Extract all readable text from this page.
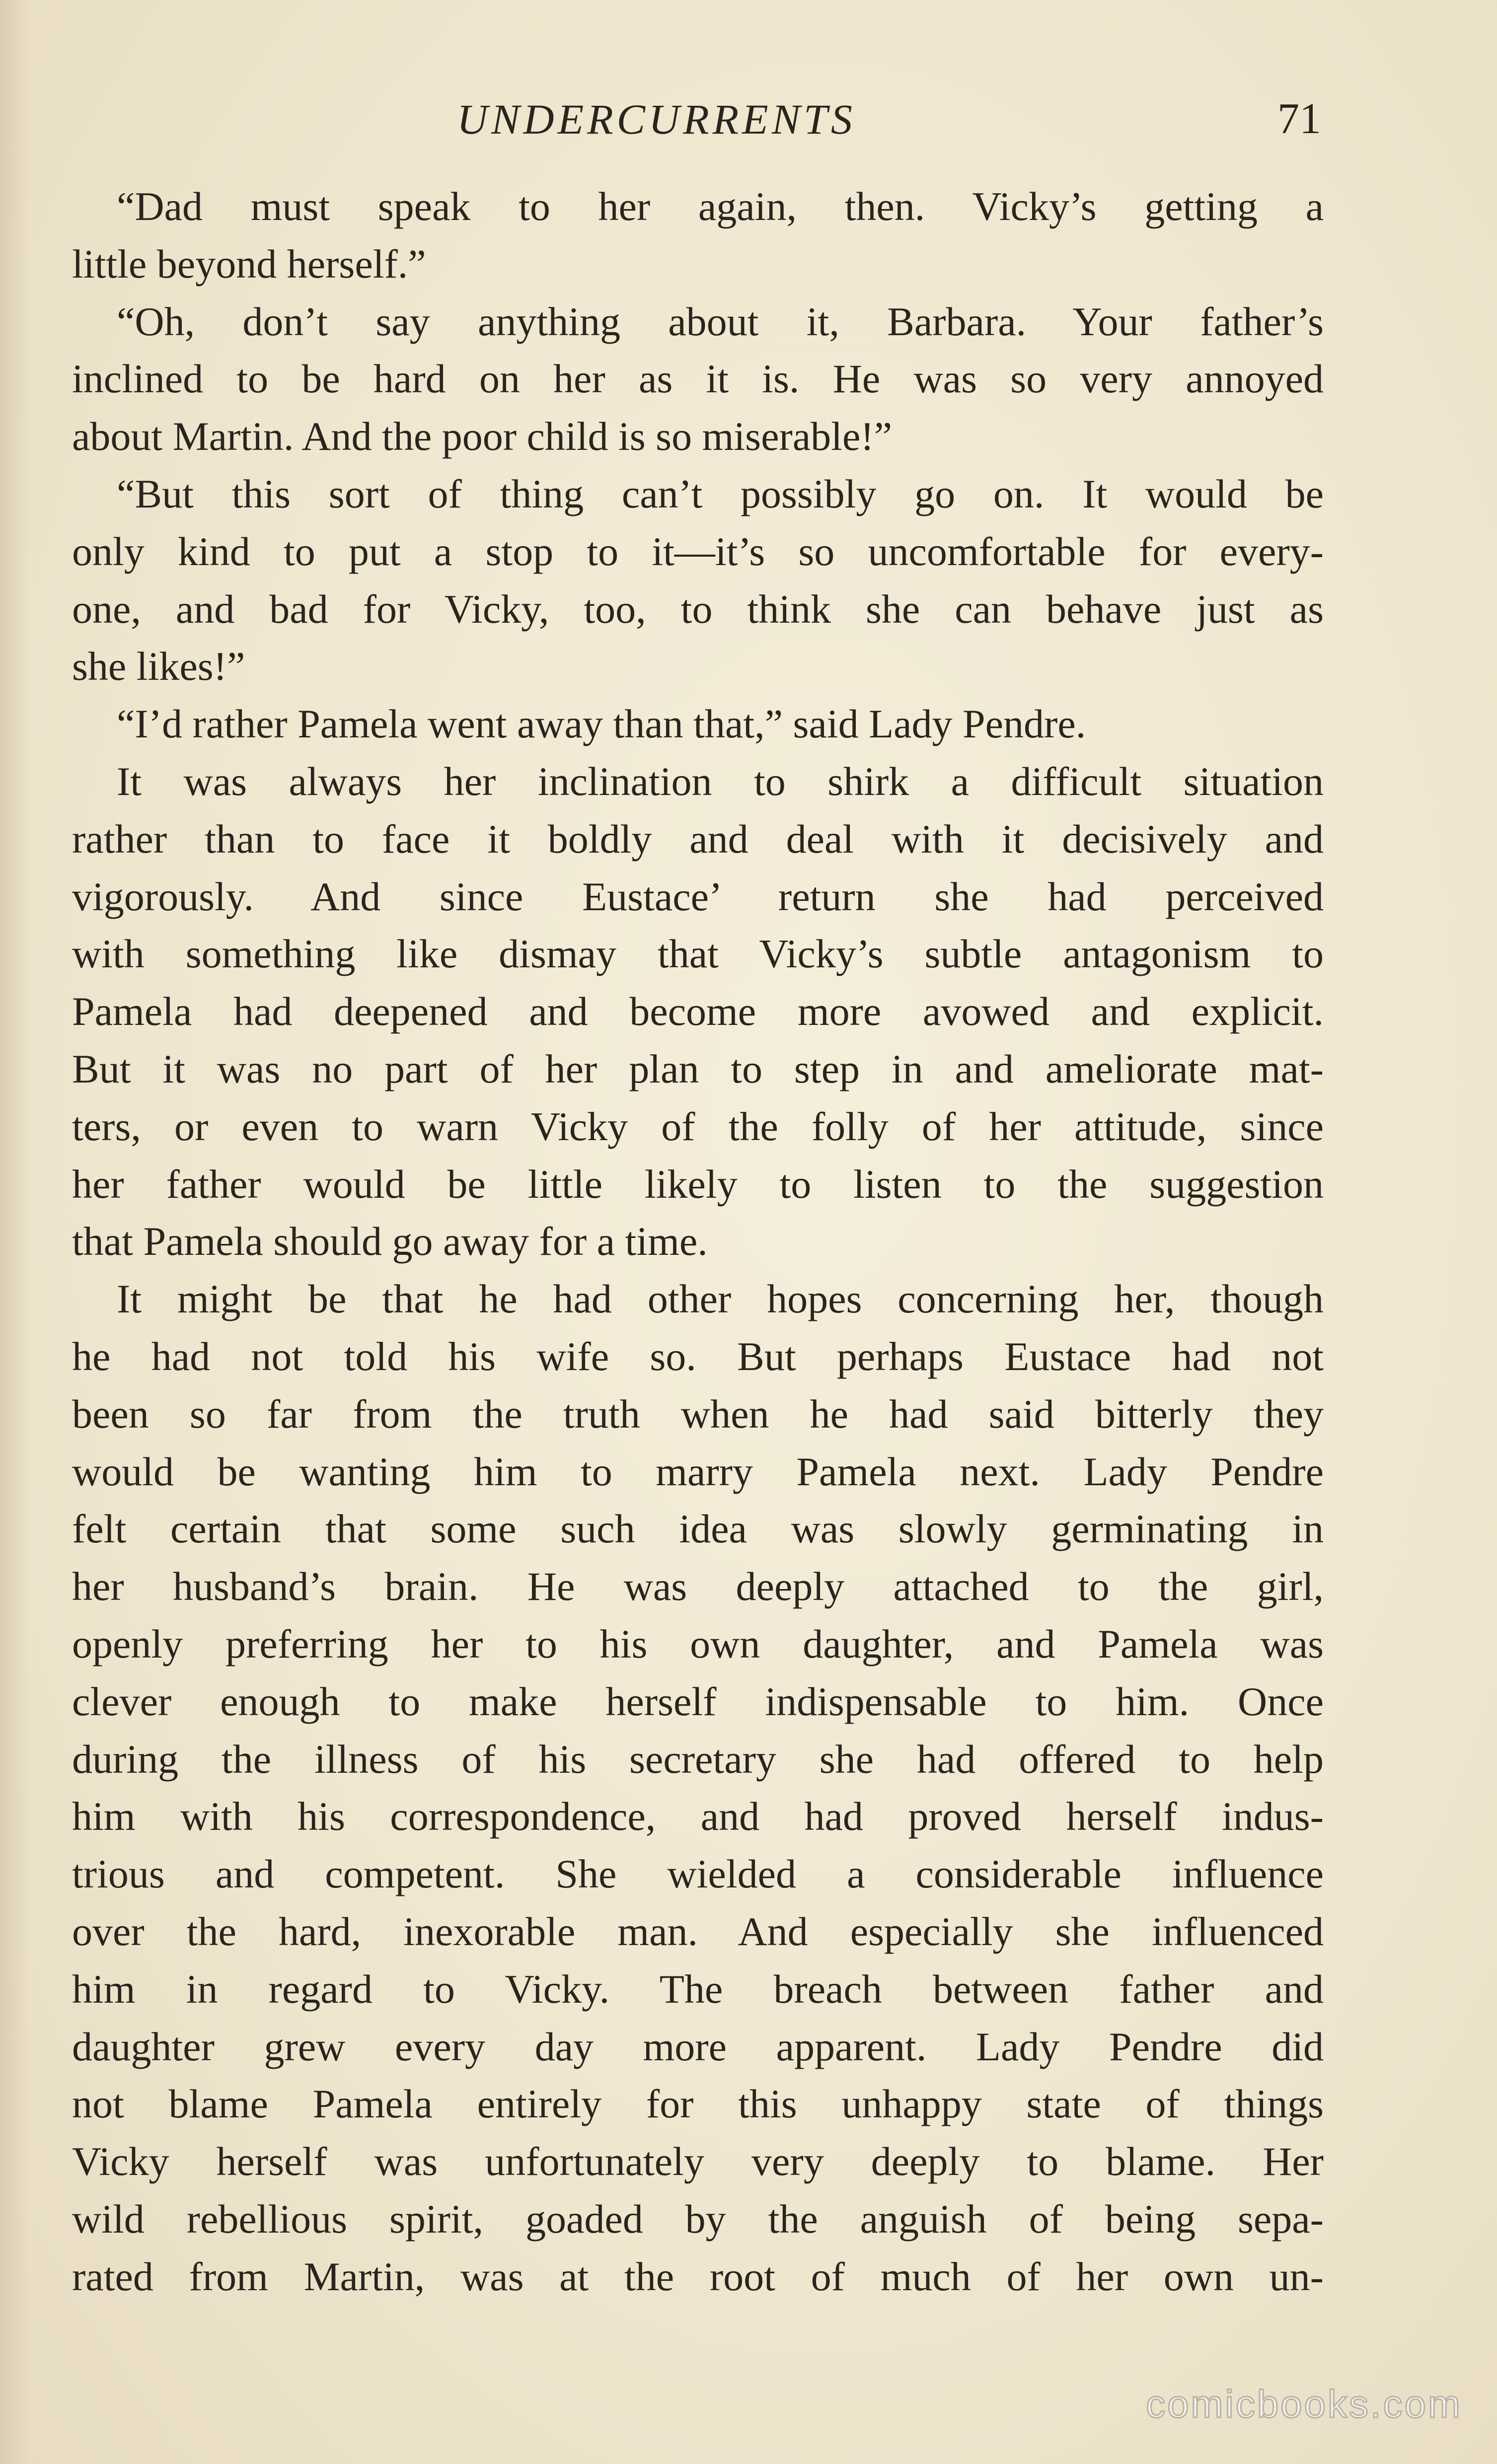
UNDERCURRENTS	71
“Dad must speak to her again, then. Vicky’s getting a
little beyond herself.”
“Oh, don’t say anything about it, Barbara. Your father’s
inclined to be hard on her as it is. He was so very annoyed
about Martin. And the poor child is so miserable!”
“But this sort of thing can’t possibly go on. It would be
only kind to put a stop to it—it’s so uncomfortable for every-
one, and bad for Vicky, too, to think she can behave just as
she likes!”
“I’d rather Pamela went away than that,” said Lady Pendre.
It was always her inclination to shirk a difficult situation
rather than to face it boldly and deal with it decisively and
vigorously. And since Eustace’ return she had perceived
with something like dismay that Vicky’s subtle antagonism to
Pamela had deepened and become more avowed and explicit.
But it was no part of her plan to step in and ameliorate mat-
ters, or even to warn Vicky of the folly of her attitude, since
her father would be little likely to listen to the suggestion
that Pamela should go away for a time.
It might be that he had other hopes concerning her, though
he had not told his wife so. But perhaps Eustace had not
been so far from the truth when he had said bitterly they
would be wanting him to marry Pamela next. Lady Pendre
felt certain that some such idea was slowly germinating in
her husband’s brain. He was deeply attached to the girl,
openly preferring her to his own daughter, and Pamela was
clever enough to make herself indispensable to him. Once
during the illness of his secretary she had offered to help
him with his correspondence, and had proved herself indus-
trious and competent. She wielded a considerable influence
over the hard, inexorable man. And especially she influenced
him in regard to Vicky. The breach between father and
daughter grew every day more apparent. Lady Pendre did
not blame Pamela entirely for this unhappy state of things
Vicky herself was unfortunately very deeply to blame. Her
wild rebellious spirit, goaded by the anguish of being sepa-
rated from Martin, was at the root of much of her own un-
comicbooks.com
